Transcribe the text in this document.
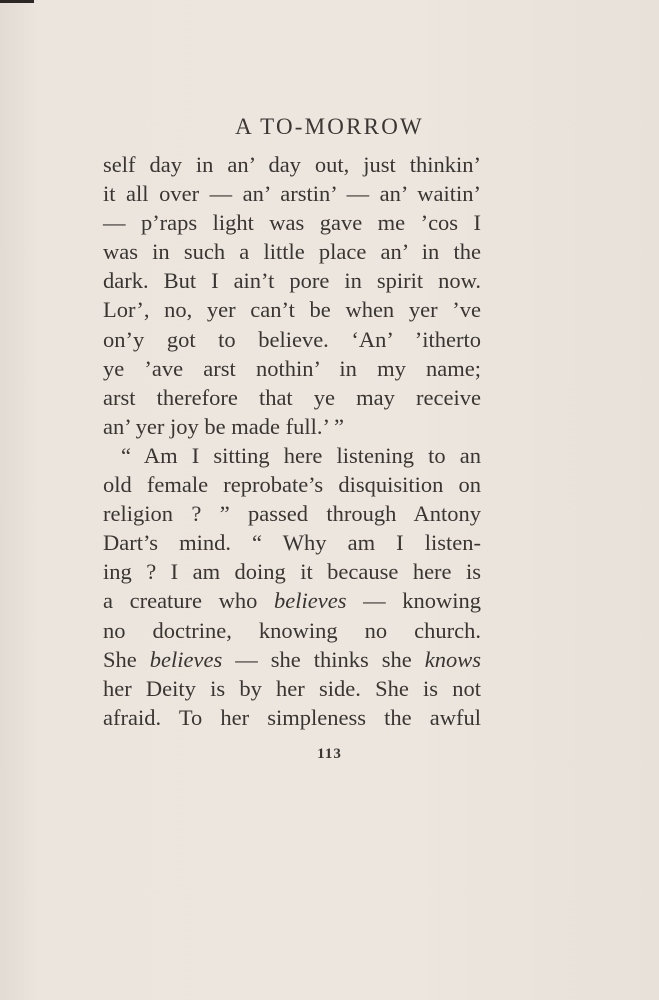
A TO-MORROW
self day in an’ day out, just thinkin’
it all over — an’ arstin’ — an’ waitin’
— p’raps light was gave me ’cos I
was in such a little place an’ in the
dark. But I ain’t pore in spirit now.
Lor’, no, yer can’t be when yer ’ve
on’y got to believe. ‘An’ ’itherto
ye ’ave arst nothin’ in my name;
arst therefore that ye may receive
an’ yer joy be made full.’ ”
“ Am I sitting here listening to an
old female reprobate’s disquisition on
religion ? ” passed through Antony
Dart’s mind. “ Why am I listen-
ing ? I am doing it because here is
a creature who believes — knowing
no doctrine, knowing no church.
She believes — she thinks she knows
her Deity is by her side. She is not
afraid. To her simpleness the awful
113
